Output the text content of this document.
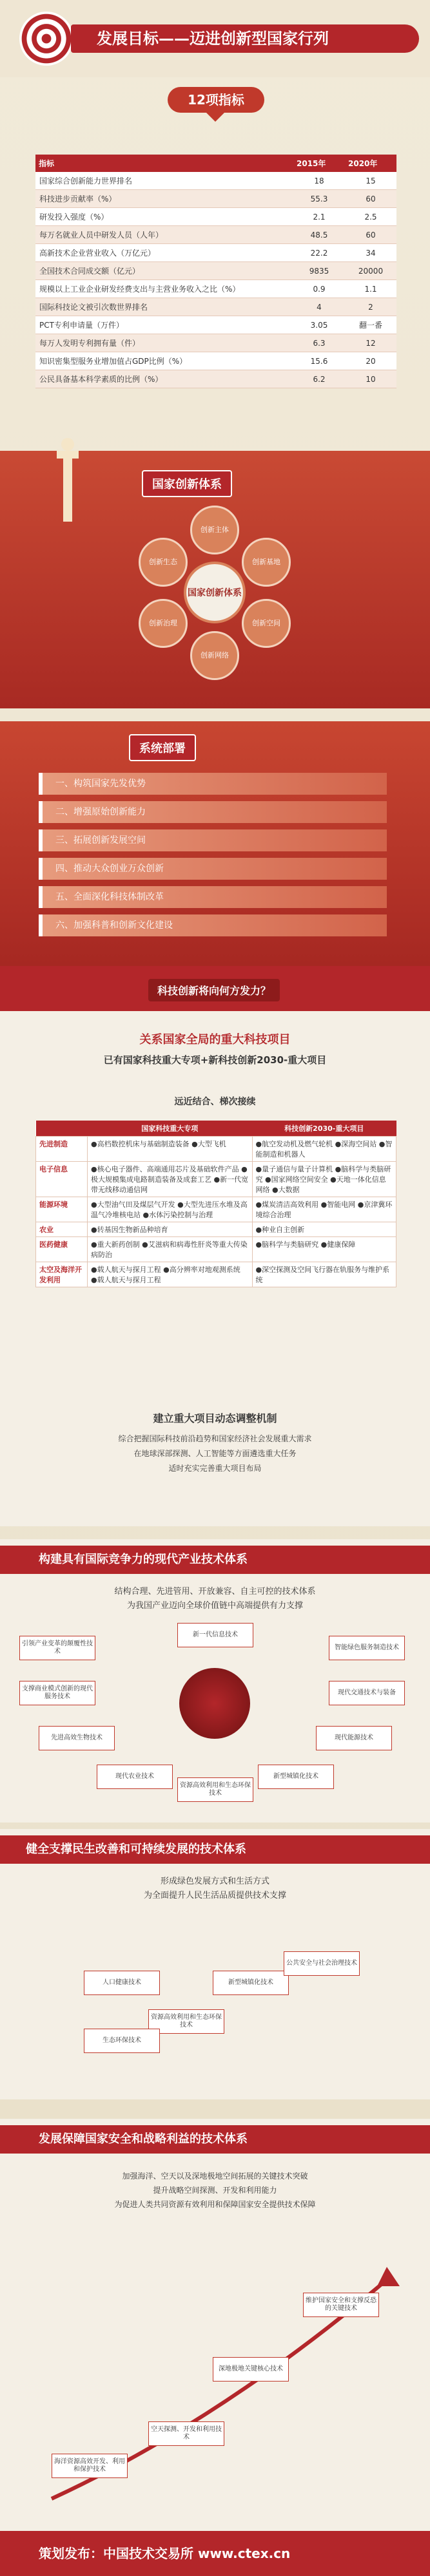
发展目标——迈进创新型国家行列
12项指标
指标	2015年	2020年
国家综合创新能力世界排名	18	15
科技进步贡献率（%）	55.3	60
研发投入强度（%）	2.1	2.5
每万名就业人员中研发人员（人年）	48.5	60
高新技术企业营业收入（万亿元）	22.2	34
全国技术合同成交额（亿元）	9835	20000
规模以上工业企业研发经费支出与主营业务收入之比（%）	0.9	1.1
国际科技论文被引次数世界排名	4	2
PCT专利申请量（万件）	3.05	翻一番
每万人发明专利拥有量（件）	6.3	12
知识密集型服务业增加值占GDP比例（%）	15.6	20
公民具备基本科学素质的比例（%）	6.2	10
国家创新体系
国家创新体系
创新主体
创新基地
创新空间
创新网络
创新治理
创新生态
系统部署
一、构筑国家先发优势
二、增强原始创新能力
三、拓展创新发展空间
四、推动大众创业万众创新
五、全面深化科技体制改革
六、加强科普和创新文化建设
科技创新将向何方发力？
关系国家全局的重大科技项目
已有国家科技重大专项+新科技创新2030-重大项目
远近结合、梯次接续
	国家科技重大专项	科技创新2030-重大项目
先进制造	●高档数控机床与基础制造装备 ●大型飞机	●航空发动机及燃气轮机 ●深海空间站 ●智能制造和机器人
电子信息	●核心电子器件、高端通用芯片及基础软件产品 ●极大规模集成电路制造装备及成套工艺 ●新一代宽带无线移动通信网	●量子通信与量子计算机 ●脑科学与类脑研究 ●国家网络空间安全 ●天地一体化信息网络 ●大数据
能源环境	●大型油气田及煤层气开发 ●大型先进压水堆及高温气冷堆核电站 ●水体污染控制与治理	●煤炭清洁高效利用 ●智能电网 ●京津冀环境综合治理
农业	●转基因生物新品种培育	●种业自主创新
医药健康	●重大新药创制 ●艾滋病和病毒性肝炎等重大传染病防治	●脑科学与类脑研究 ●健康保障
太空及海洋开发利用	●载人航天与探月工程 ●高分辨率对地观测系统 ●载人航天与探月工程	●深空探测及空间飞行器在轨服务与维护系统
建立重大项目动态调整机制
综合把握国际科技前沿趋势和国家经济社会发展重大需求
在地球深部探测、人工智能等方面遴选重大任务
适时充实完善重大项目布局
构建具有国际竞争力的现代产业技术体系
结构合理、先进管用、开放兼容、自主可控的技术体系
为我国产业迈向全球价值链中高端提供有力支撑
引领产业变革的颠覆性技术
新一代信息技术
智能绿色服务制造技术
支撑商业模式创新的现代服务技术
现代交通技术与装备
先进高效生物技术	现代能源技术
现代农业技术
资源高效利用和生态环保技术
新型城镇化技术
健全支撑民生改善和可持续发展的技术体系
形成绿色发展方式和生活方式
为全面提升人民生活品质提供技术支撑
人口健康技术
资源高效利用和生态环保技术
新型城镇化技术
公共安全与社会治理技术
生态环保技术
发展保障国家安全和战略利益的技术体系
加强海洋、空天以及深地极地空间拓展的关键技术突破
提升战略空间探测、开发和利用能力
为促进人类共同资源有效利用和保障国家安全提供技术保障
海洋资源高效开发、利用和保护技术
空天探测、开发和利用技术
深地极地关键核心技术
维护国家安全和支撑反恐的关键技术
策划发布：中国技术交易所 www.ctex.cn
